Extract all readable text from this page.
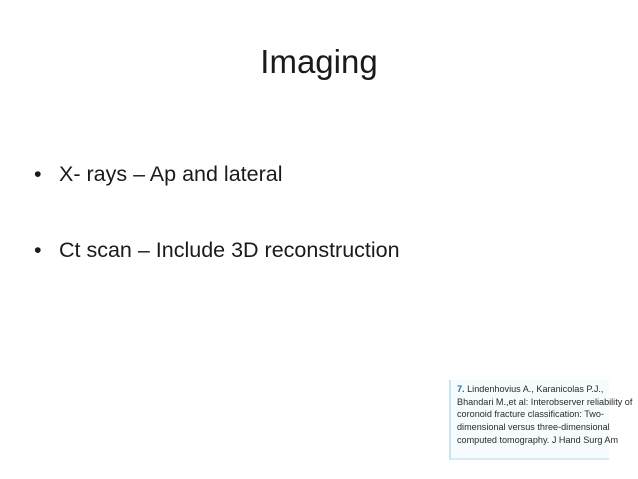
Imaging
• X- rays – Ap and lateral
• Ct scan – Include 3D reconstruction
7. Lindenhovius A., Karanicolas P.J.,
Bhandari M.,et al: Interobserver reliability of
coronoid fracture classification: Two-
dimensional versus three-dimensional
computed tomography. J Hand Surg Am
